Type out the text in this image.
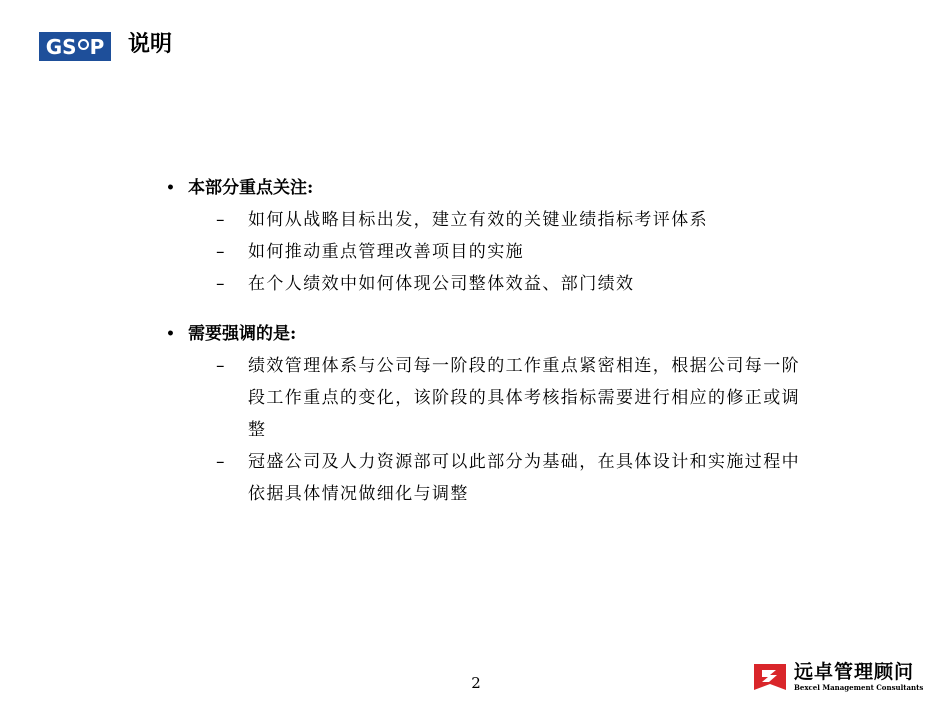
GS P 说明
• 本部分重点关注:
–	如何从战略目标出发，建立有效的关键业绩指标考评体系
–	如何推动重点管理改善项目的实施
–	在个人绩效中如何体现公司整体效益、部门绩效
• 需要强调的是:
–	绩效管理体系与公司每一阶段的工作重点紧密相连，根据公司每一阶段工作重点的变化，该阶段的具体考核指标需要进行相应的修正或调整
–	冠盛公司及人力资源部可以此部分为基础，在具体设计和实施过程中依据具体情况做细化与调整
2
远卓管理顾问
Bexcel Management Consultants
